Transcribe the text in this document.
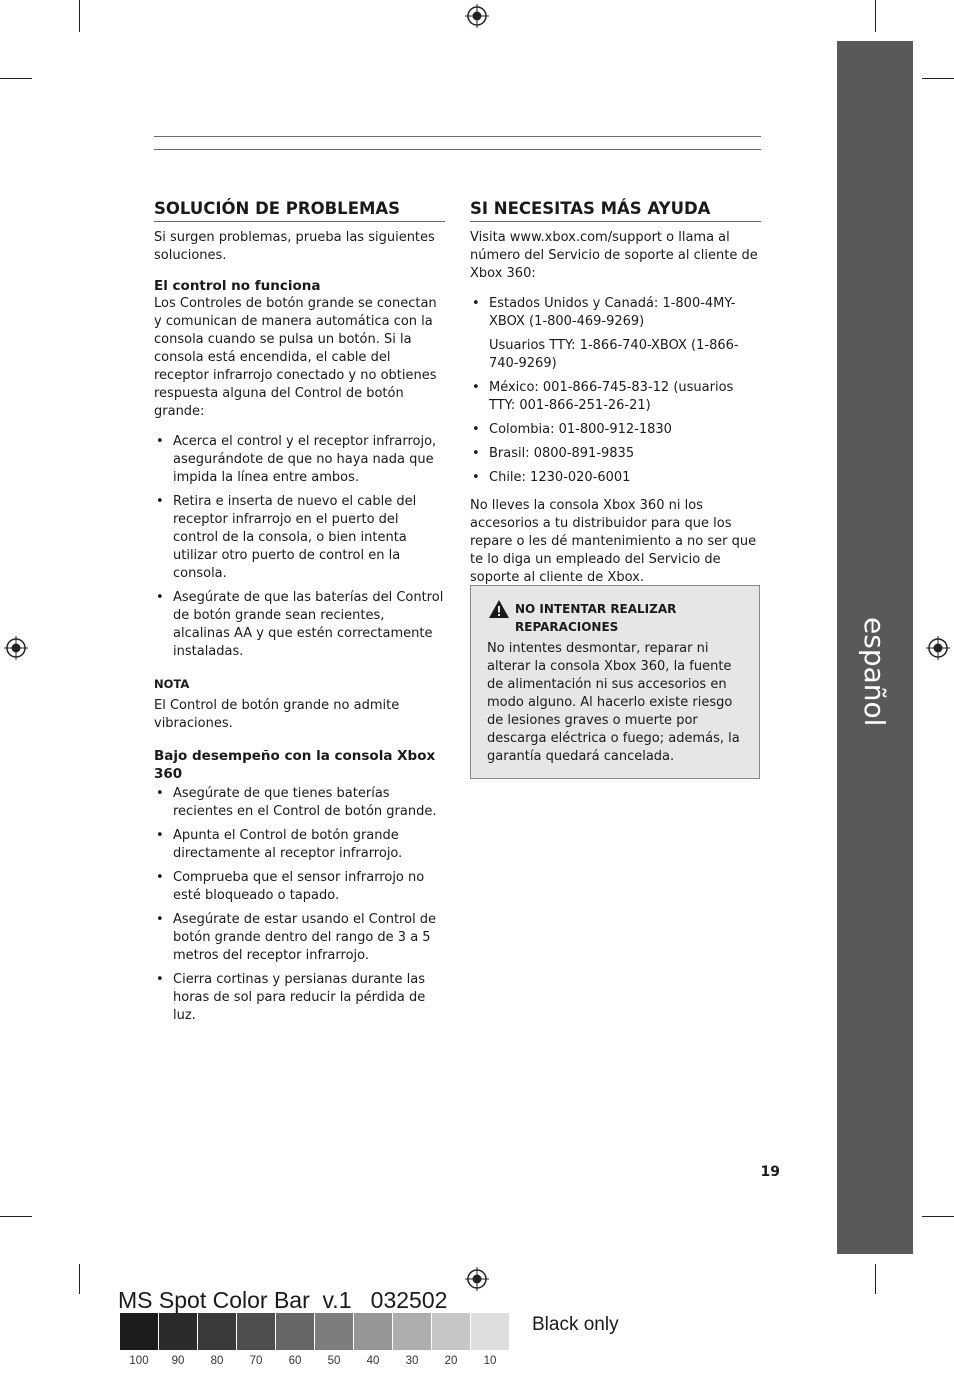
español
SOLUCIÓN DE PROBLEMAS

Si surgen problemas, prueba las siguientes soluciones.

El control no funciona

Los Controles de botón grande se conectan y comunican de manera automática con la consola cuando se pulsa un botón. Si la consola está encendida, el cable del receptor infrarrojo conectado y no obtienes respuesta alguna del Control de botón grande:

• Acerca el control y el receptor infrarrojo, asegurándote de que no haya nada que impida la línea entre ambos.
• Retira e inserta de nuevo el cable del receptor infrarrojo en el puerto del control de la consola, o bien intenta utilizar otro puerto de control en la consola.
• Asegúrate de que las baterías del Control de botón grande sean recientes, alcalinas AA y que estén correctamente instaladas.

NOTA

El Control de botón grande no admite vibraciones.

Bajo desempeño con la consola Xbox 360

• Asegúrate de que tienes baterías recientes en el Control de botón grande.
• Apunta el Control de botón grande directamente al receptor infrarrojo.
• Comprueba que el sensor infrarrojo no esté bloqueado o tapado.
• Asegúrate de estar usando el Control de botón grande dentro del rango de 3 a 5 metros del receptor infrarrojo.
• Cierra cortinas y persianas durante las horas de sol para reducir la pérdida de luz.
SI NECESITAS MÁS AYUDA

Visita www.xbox.com/support o llama al número del Servicio de soporte al cliente de Xbox 360:

• Estados Unidos y Canadá: 1-800-4MY-XBOX (1-800-469-9269)
Usuarios TTY: 1-866-740-XBOX (1-866-740-9269)
• México: 001-866-745-83-12 (usuarios TTY: 001-866-251-26-21)
• Colombia: 01-800-912-1830
• Brasil: 0800-891-9835
• Chile: 1230-020-6001

No lleves la consola Xbox 360 ni los accesorios a tu distribuidor para que los repare o les dé mantenimiento a no ser que te lo diga un empleado del Servicio de soporte al cliente de Xbox.

NO INTENTAR REALIZAR REPARACIONES

No intentes desmontar, reparar ni alterar la consola Xbox 360, la fuente de alimentación ni sus accesorios en modo alguno. Al hacerlo existe riesgo de lesiones graves o muerte por descarga eléctrica o fuego; además, la garantía quedará cancelada.

19
MS Spot Color Bar  v.1   032502
Black only
100	90	80	70	60	50	40	30	20	10
